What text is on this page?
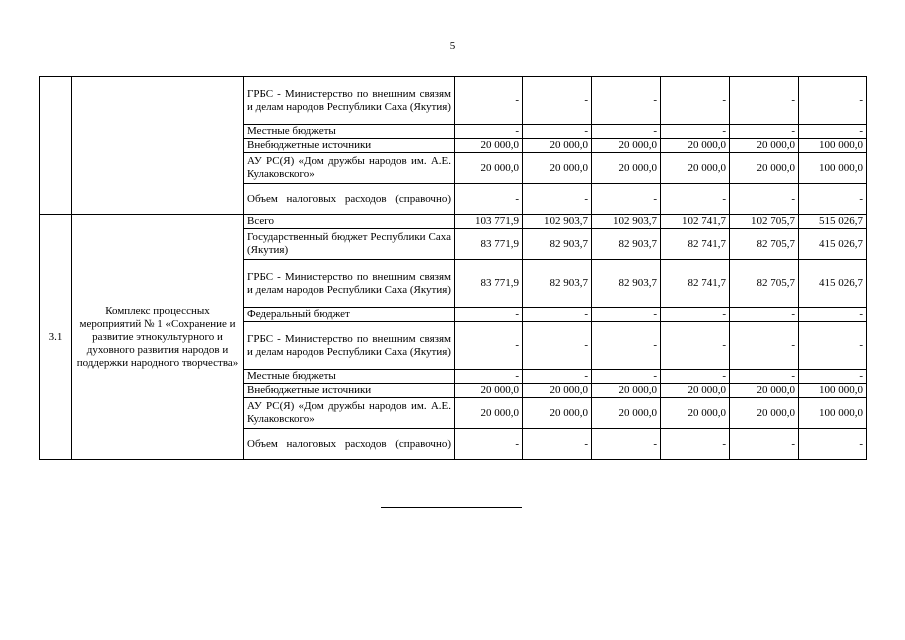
5
		ГРБС - Министерство по внешним связям и делам народов Республики Саха (Якутия)	-	-	-	-	-	-
		Местные бюджеты	-	-	-	-	-	-
		Внебюджетные источники	20 000,0	20 000,0	20 000,0	20 000,0	20 000,0	100 000,0
		АУ РС(Я) «Дом дружбы народов им. А.Е. Кулаковского»	20 000,0	20 000,0	20 000,0	20 000,0	20 000,0	100 000,0
		Объем налоговых расходов (справочно)	-	-	-	-	-	-
3.1	Комплекс процессных мероприятий № 1 «Сохранение и развитие этнокультурного и духовного развития народов и поддержки народного творчества»	Всего	103 771,9	102 903,7	102 903,7	102 741,7	102 705,7	515 026,7
		Государственный бюджет Республики Саха (Якутия)	83 771,9	82 903,7	82 903,7	82 741,7	82 705,7	415 026,7
		ГРБС - Министерство по внешним связям и делам народов Республики Саха (Якутия)	83 771,9	82 903,7	82 903,7	82 741,7	82 705,7	415 026,7
		Федеральный бюджет	-	-	-	-	-	-
		ГРБС - Министерство по внешним связям и делам народов Республики Саха (Якутия)	-	-	-	-	-	-
		Местные бюджеты	-	-	-	-	-	-
		Внебюджетные источники	20 000,0	20 000,0	20 000,0	20 000,0	20 000,0	100 000,0
		АУ РС(Я) «Дом дружбы народов им. А.Е. Кулаковского»	20 000,0	20 000,0	20 000,0	20 000,0	20 000,0	100 000,0
		Объем налоговых расходов (справочно)	-	-	-	-	-	-
